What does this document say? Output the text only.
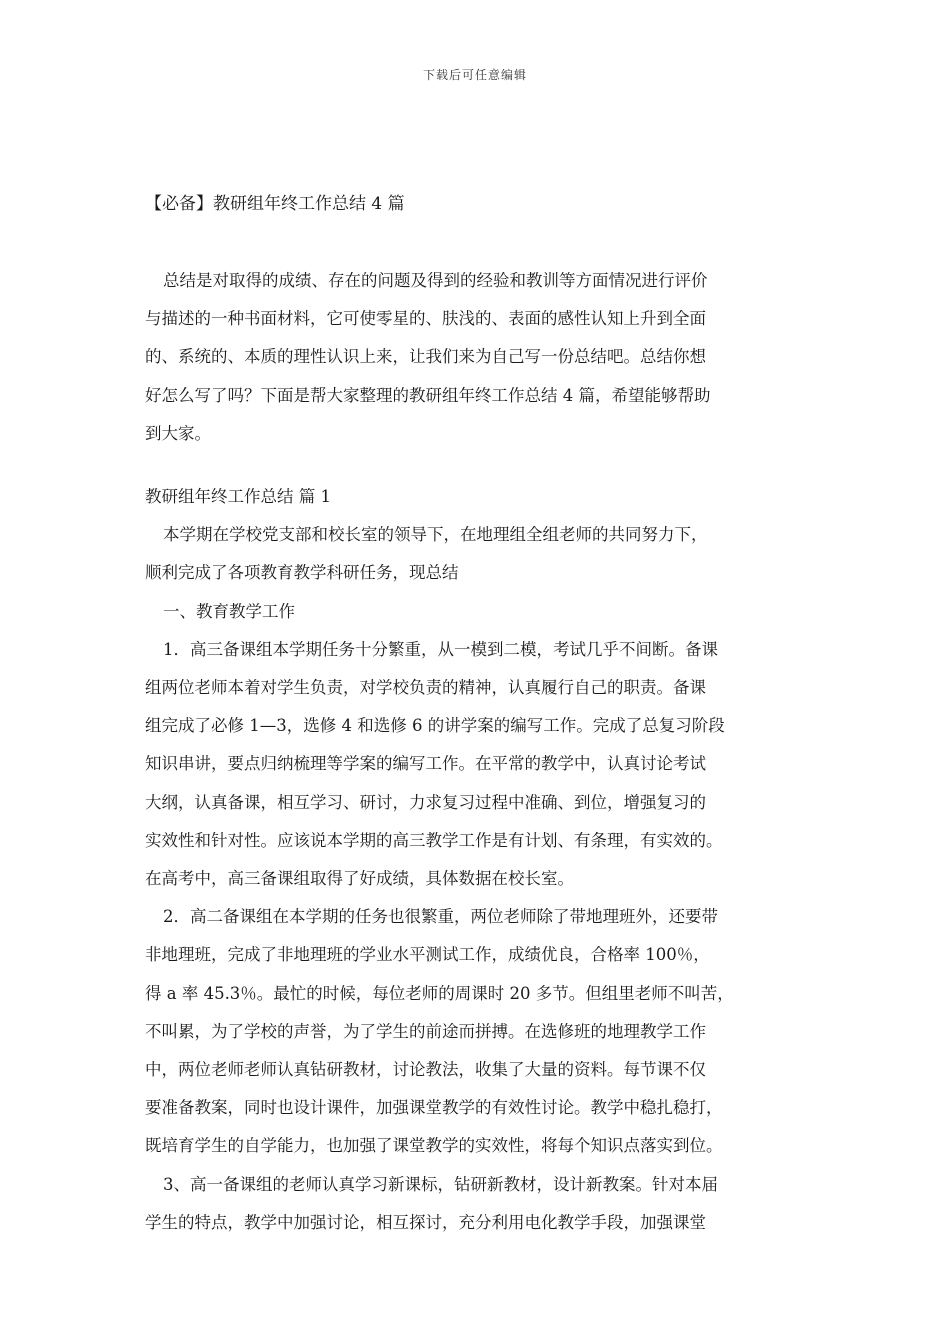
下载后可任意编辑
【必备】教研组年终工作总结 4 篇
总结是对取得的成绩、存在的问题及得到的经验和教训等方面情况进行评价
与描述的一种书面材料，它可使零星的、肤浅的、表面的感性认知上升到全面
的、系统的、本质的理性认识上来，让我们来为自己写一份总结吧。总结你想
好怎么写了吗？下面是帮大家整理的教研组年终工作总结 4 篇，希望能够帮助
到大家。
教研组年终工作总结 篇 1
本学期在学校党支部和校长室的领导下，在地理组全组老师的共同努力下，
顺利完成了各项教育教学科研任务，现总结
一、教育教学工作
1．高三备课组本学期任务十分繁重，从一模到二模，考试几乎不间断。备课
组两位老师本着对学生负责，对学校负责的精神，认真履行自己的职责。备课
组完成了必修 1—3，选修 4 和选修 6 的讲学案的编写工作。完成了总复习阶段
知识串讲，要点归纳梳理等学案的编写工作。在平常的教学中，认真讨论考试
大纲，认真备课，相互学习、研讨，力求复习过程中准确、到位，增强复习的
实效性和针对性。应该说本学期的高三教学工作是有计划、有条理，有实效的。
在高考中，高三备课组取得了好成绩，具体数据在校长室。
2．高二备课组在本学期的任务也很繁重，两位老师除了带地理班外，还要带
非地理班，完成了非地理班的学业水平测试工作，成绩优良，合格率 100％，
得 a 率 45.3％。最忙的时候，每位老师的周课时 20 多节。但组里老师不叫苦，
不叫累，为了学校的声誉，为了学生的前途而拼搏。在选修班的地理教学工作
中，两位老师老师认真钻研教材，讨论教法，收集了大量的资料。每节课不仅
要准备教案，同时也设计课件，加强课堂教学的有效性讨论。教学中稳扎稳打，
既培育学生的自学能力，也加强了课堂教学的实效性，将每个知识点落实到位。
3、高一备课组的老师认真学习新课标，钻研新教材，设计新教案。针对本届
学生的特点，教学中加强讨论，相互探讨，充分利用电化教学手段，加强课堂
